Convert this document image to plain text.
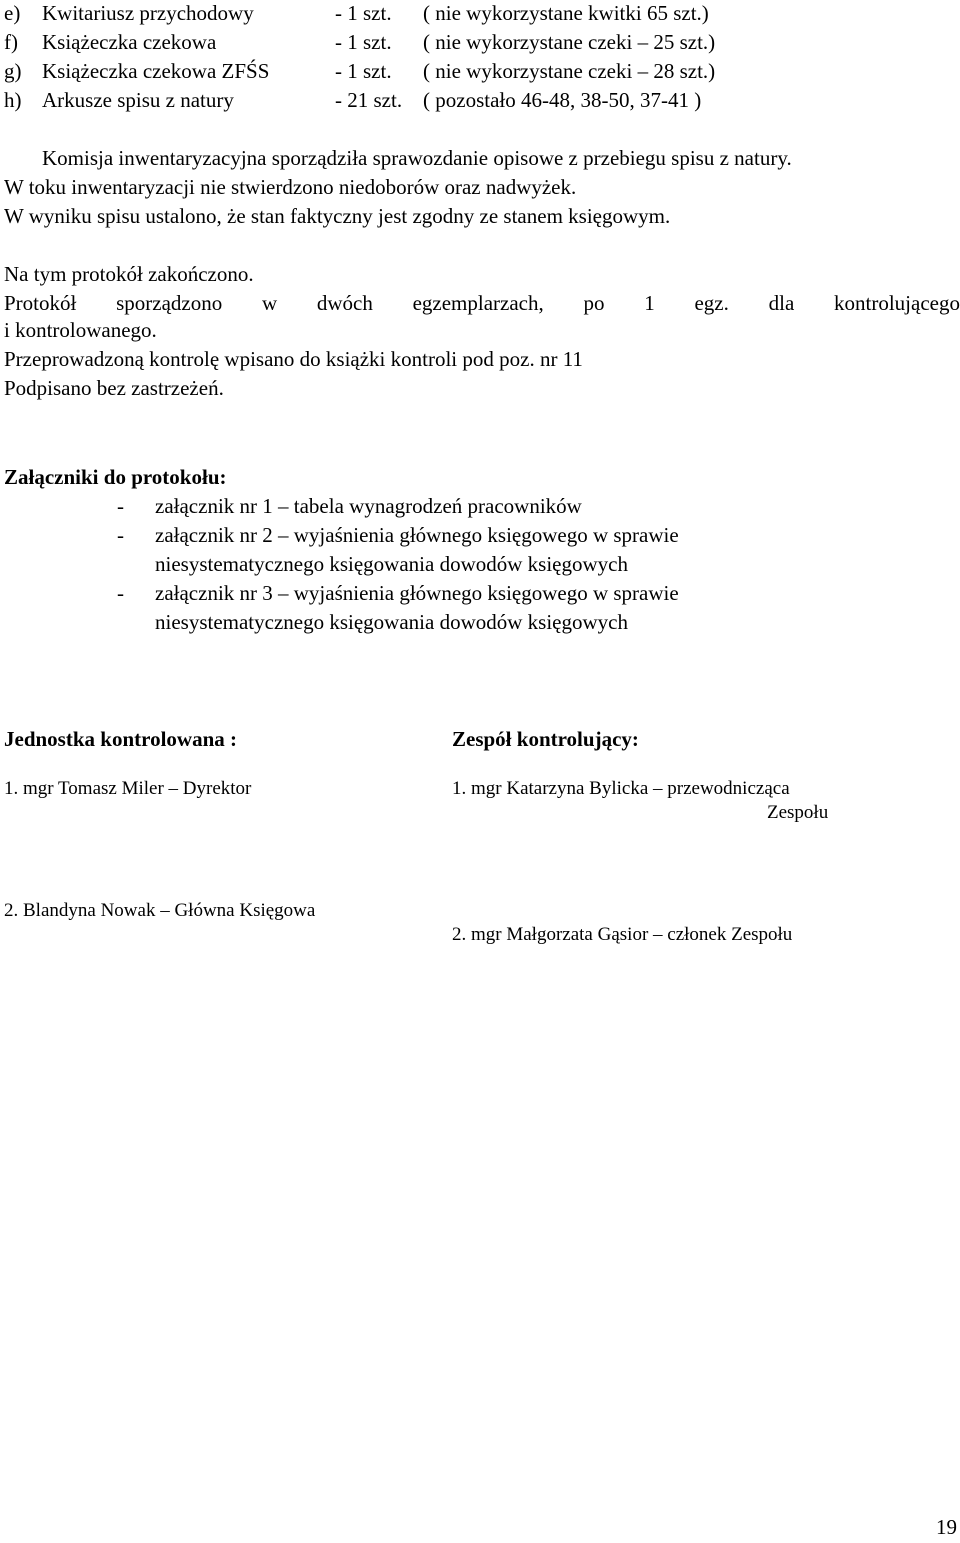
e) Kwitariusz przychodowy	- 1 szt. ( nie wykorzystane kwitki 65 szt.)
f) Książeczka czekowa	- 1 szt. ( nie wykorzystane czeki – 25 szt.)
g) Książeczka czekowa ZFŚS	- 1 szt. ( nie wykorzystane czeki – 28 szt.)
h) Arkusze spisu z natury	- 21 szt. ( pozostało 46-48, 38-50, 37-41 )
Komisja inwentaryzacyjna sporządziła sprawozdanie opisowe z przebiegu spisu z natury.
W toku inwentaryzacji nie stwierdzono niedoborów oraz nadwyżek.
W wyniku spisu ustalono, że stan faktyczny jest zgodny ze stanem księgowym.
Na tym protokół zakończono.
Protokół sporządzono w dwóch egzemplarzach, po 1 egz. dla kontrolującego
i kontrolowanego.
Przeprowadzoną kontrolę wpisano do książki kontroli pod poz. nr 11
Podpisano bez zastrzeżeń.
Załączniki do protokołu:
- załącznik nr 1 – tabela wynagrodzeń pracowników
- załącznik nr 2 – wyjaśnienia głównego księgowego w sprawie
niesystematycznego księgowania dowodów księgowych
- załącznik nr 3 – wyjaśnienia głównego księgowego w sprawie
niesystematycznego księgowania dowodów księgowych
Jednostka kontrolowana :	Zespół kontrolujący:
1. mgr Tomasz Miler – Dyrektor	1. mgr Katarzyna Bylicka – przewodnicząca
Zespołu
2. Blandyna Nowak – Główna Księgowa
2. mgr Małgorzata Gąsior – członek Zespołu
19
